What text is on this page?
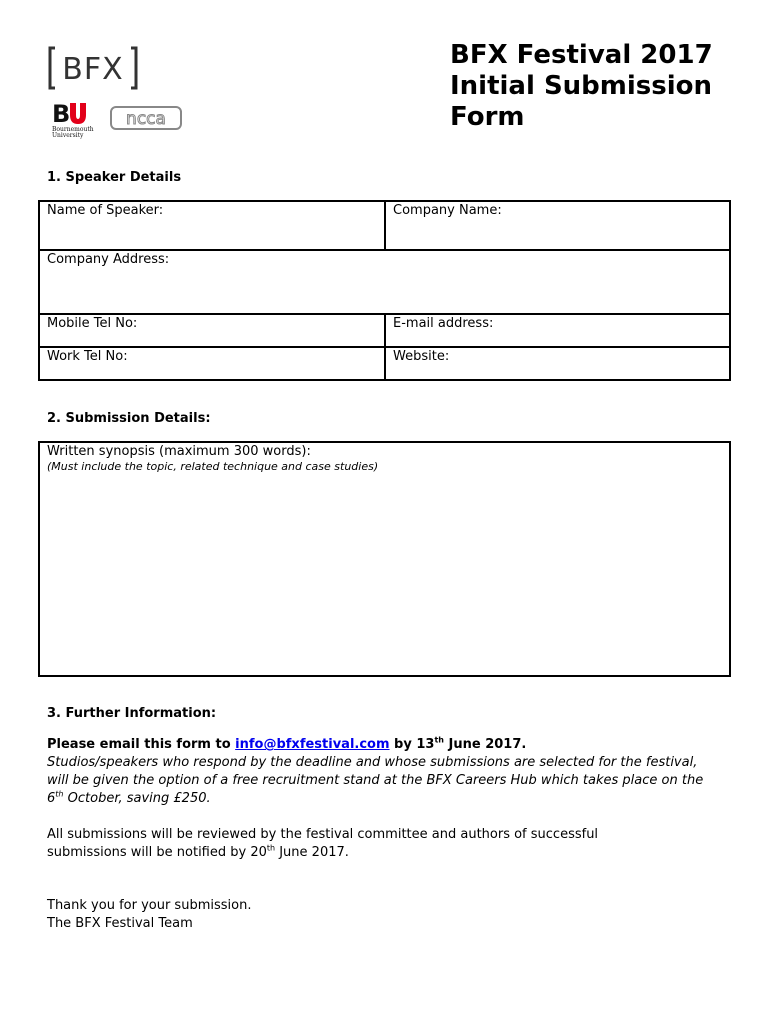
BFX
B
Bournemouth
University
ncca
BFX Festival 2017
Initial Submission
Form
1. Speaker Details
Name of Speaker:	Company Name:
Company Address:
Mobile Tel No:	E-mail address:
Work Tel No:	Website:
2. Submission Details:
Written synopsis (maximum 300 words):
(Must include the topic, related technique and case studies)
3. Further Information:
Please email this form to info@bfxfestival.com by 13th June 2017.
Studios/speakers who respond by the deadline and whose submissions are selected for the festival, will be given the option of a free recruitment stand at the BFX Careers Hub which takes place on the 6th October, saving £250.
All submissions will be reviewed by the festival committee and authors of successful submissions will be notified by 20th June 2017.
Thank you for your submission.
The BFX Festival Team
